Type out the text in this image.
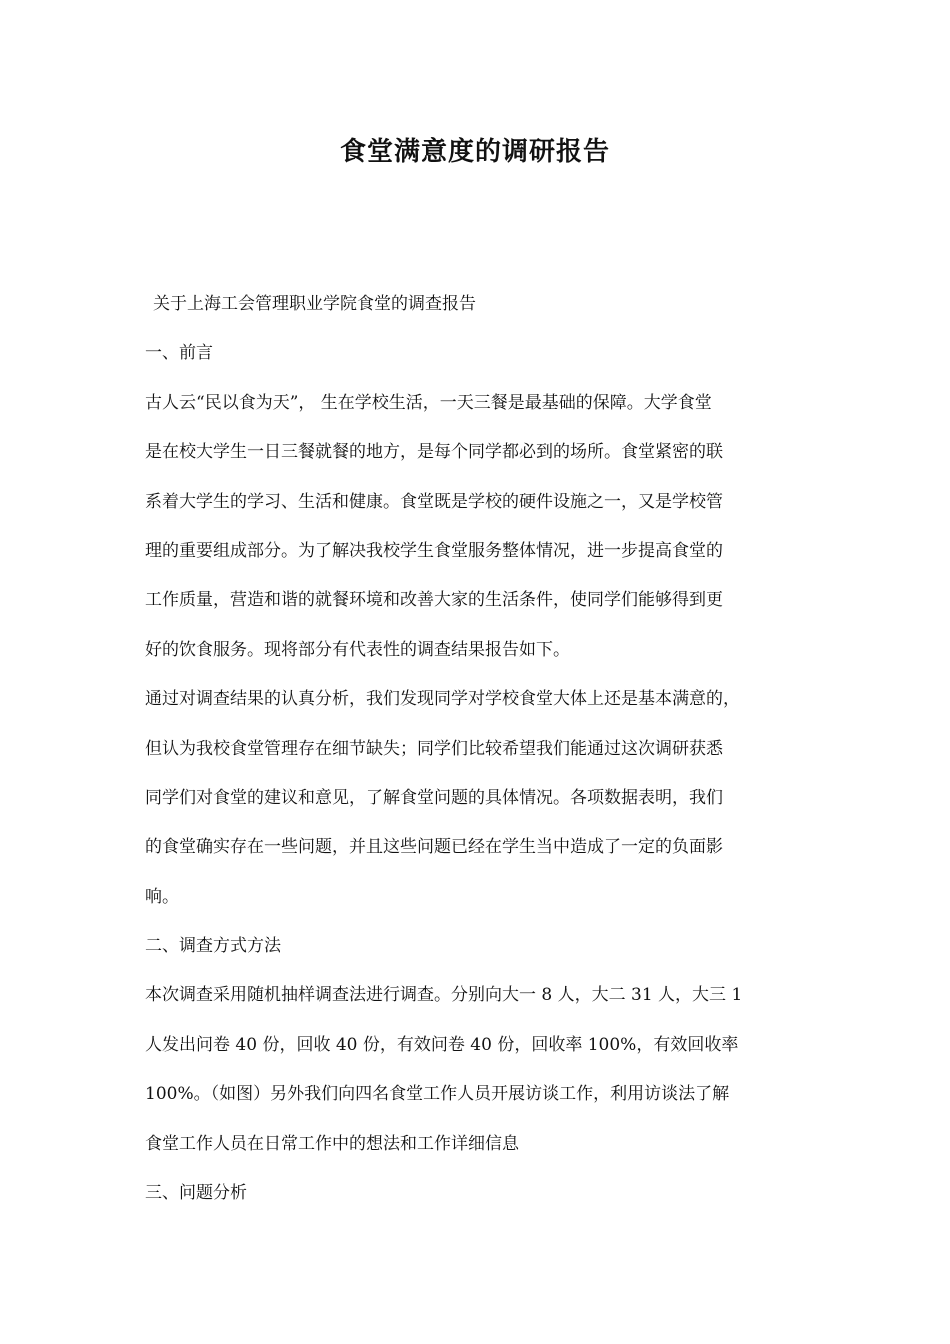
食堂满意度的调研报告

关于上海工会管理职业学院食堂的调查报告

一、前言

古人云“民以食为天”， 生在学校生活，一天三餐是最基础的保障。大学食堂

是在校大学生一日三餐就餐的地方，是每个同学都必到的场所。食堂紧密的联

系着大学生的学习、生活和健康。食堂既是学校的硬件设施之一，又是学校管

理的重要组成部分。为了解决我校学生食堂服务整体情况，进一步提高食堂的

工作质量，营造和谐的就餐环境和改善大家的生活条件，使同学们能够得到更

好的饮食服务。现将部分有代表性的调查结果报告如下。

通过对调查结果的认真分析，我们发现同学对学校食堂大体上还是基本满意的，

但认为我校食堂管理存在细节缺失；同学们比较希望我们能通过这次调研获悉

同学们对食堂的建议和意见，了解食堂问题的具体情况。各项数据表明，我们

的食堂确实存在一些问题，并且这些问题已经在学生当中造成了一定的负面影

响。

二、调查方式方法

本次调查采用随机抽样调查法进行调查。分别向大一 8 人，大二 31 人，大三 1

人发出问卷 40 份，回收 40 份，有效问卷 40 份，回收率 100%，有效回收率

100%。（如图）另外我们向四名食堂工作人员开展访谈工作，利用访谈法了解

食堂工作人员在日常工作中的想法和工作详细信息

三、问题分析
